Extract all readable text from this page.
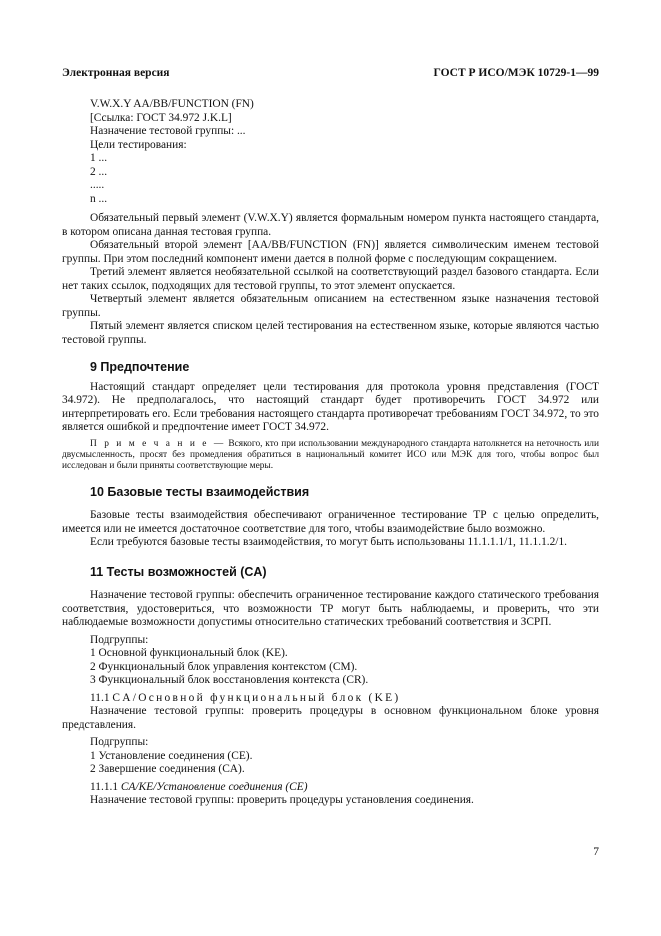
Электронная версия	ГОСТ Р ИСО/МЭК 10729-1—99
V.W.X.Y AA/BB/FUNCTION (FN)
[Ссылка: ГОСТ 34.972 J.K.L]
Назначение тестовой группы: ...
Цели тестирования:
1 ...
2 ...
.....
n ...

Обязательный первый элемент (V.W.X.Y) является формальным номером пункта настоящего стандарта, в котором описана данная тестовая группа.

Обязательный второй элемент [AA/BB/FUNCTION (FN)] является символическим именем тестовой группы. При этом последний компонент имени дается в полной форме с последующим сокращением.

Третий элемент является необязательной ссылкой на соответствующий раздел базового стандарта. Если нет таких ссылок, подходящих для тестовой группы, то этот элемент опускается.

Четвертый элемент является обязательным описанием на естественном языке назначения тестовой группы.

Пятый элемент является списком целей тестирования на естественном языке, которые являются частью тестовой группы.

9 Предпочтение

Настоящий стандарт определяет цели тестирования для протокола уровня представления (ГОСТ 34.972). Не предполагалось, что настоящий стандарт будет противоречить ГОСТ 34.972 или интерпретировать его. Если требования настоящего стандарта противоречат требованиям ГОСТ 34.972, то это является ошибкой и предпочтение имеет ГОСТ 34.972.

П р и м е ч а н и е — Всякого, кто при использовании международного стандарта натолкнется на неточность или двусмысленность, просят без промедления обратиться в национальный комитет ИСО или МЭК для того, чтобы вопрос был исследован и были приняты соответствующие меры.

10 Базовые тесты взаимодействия

Базовые тесты взаимодействия обеспечивают ограниченное тестирование ТР с целью определить, имеется или не имеется достаточное соответствие для того, чтобы взаимодействие было возможно.

Если требуются базовые тесты взаимодействия, то могут быть использованы 11.1.1.1/1, 11.1.1.2/1.

11 Тесты возможностей (CA)

Назначение тестовой группы: обеспечить ограниченное тестирование каждого статического требования соответствия, удостовериться, что возможности ТР могут быть наблюдаемы, и проверить, что эти наблюдаемые возможности допустимы относительно статических требований соответствия и ЗСРП.

Подгруппы:
1 Основной функциональный блок (KE).
2 Функциональный блок управления контекстом (CM).
3 Функциональный блок восстановления контекста (CR).
11.1 CA/Основной функциональный блок (KE)

Назначение тестовой группы: проверить процедуры в основном функциональном блоке уровня представления.

Подгруппы:
1 Установление соединения (CE).
2 Завершение соединения (CA).
11.1.1 CA/KE/Установление соединения (CE)

Назначение тестовой группы: проверить процедуры установления соединения.

7
